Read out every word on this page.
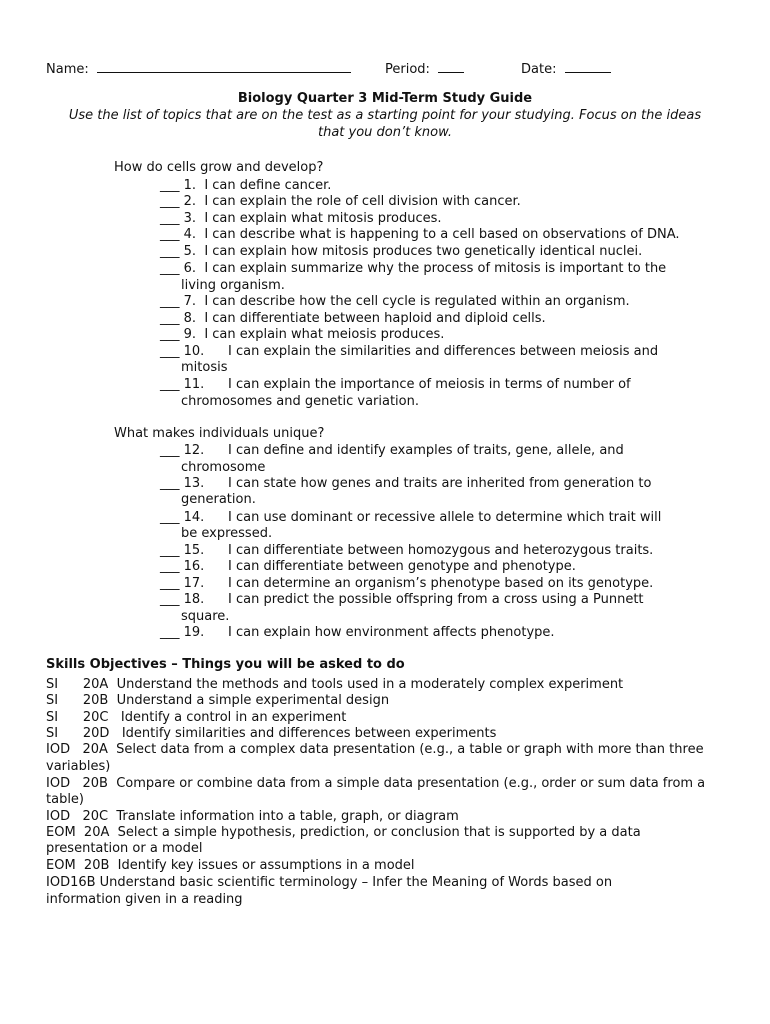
Name:	Period:	Date:
Biology Quarter 3 Mid-Term Study Guide
Use the list of topics that are on the test as a starting point for your studying. Focus on the ideas that you don’t know.
How do cells grow and develop?
___ 1. I can define cancer.
___ 2. I can explain the role of cell division with cancer.
___ 3. I can explain what mitosis produces.
___ 4. I can describe what is happening to a cell based on observations of DNA.
___ 5. I can explain how mitosis produces two genetically identical nuclei.
___ 6. I can explain summarize why the process of mitosis is important to the
living organism.
___ 7. I can describe how the cell cycle is regulated within an organism.
___ 8. I can differentiate between haploid and diploid cells.
___ 9. I can explain what meiosis produces.
___ 10. I can explain the similarities and differences between meiosis and
mitosis
___ 11. I can explain the importance of meiosis in terms of number of
chromosomes and genetic variation.
What makes individuals unique?
___ 12. I can define and identify examples of traits, gene, allele, and
chromosome
___ 13. I can state how genes and traits are inherited from generation to
generation.
___ 14. I can use dominant or recessive allele to determine which trait will
be expressed.
___ 15. I can differentiate between homozygous and heterozygous traits.
___ 16. I can differentiate between genotype and phenotype.
___ 17. I can determine an organism’s phenotype based on its genotype.
___ 18. I can predict the possible offspring from a cross using a Punnett
square.
___ 19. I can explain how environment affects phenotype.
Skills Objectives – Things you will be asked to do
SI      20A  Understand the methods and tools used in a moderately complex experiment
SI      20B  Understand a simple experimental design
SI      20C   Identify a control in an experiment
SI      20D   Identify similarities and differences between experiments
IOD   20A  Select data from a complex data presentation (e.g., a table or graph with more than three
variables)
IOD   20B  Compare or combine data from a simple data presentation (e.g., order or sum data from a
table)
IOD   20C  Translate information into a table, graph, or diagram
EOM  20A  Select a simple hypothesis, prediction, or conclusion that is supported by a data
presentation or a model
EOM  20B  Identify key issues or assumptions in a model
IOD16B Understand basic scientific terminology – Infer the Meaning of Words based on
information given in a reading
